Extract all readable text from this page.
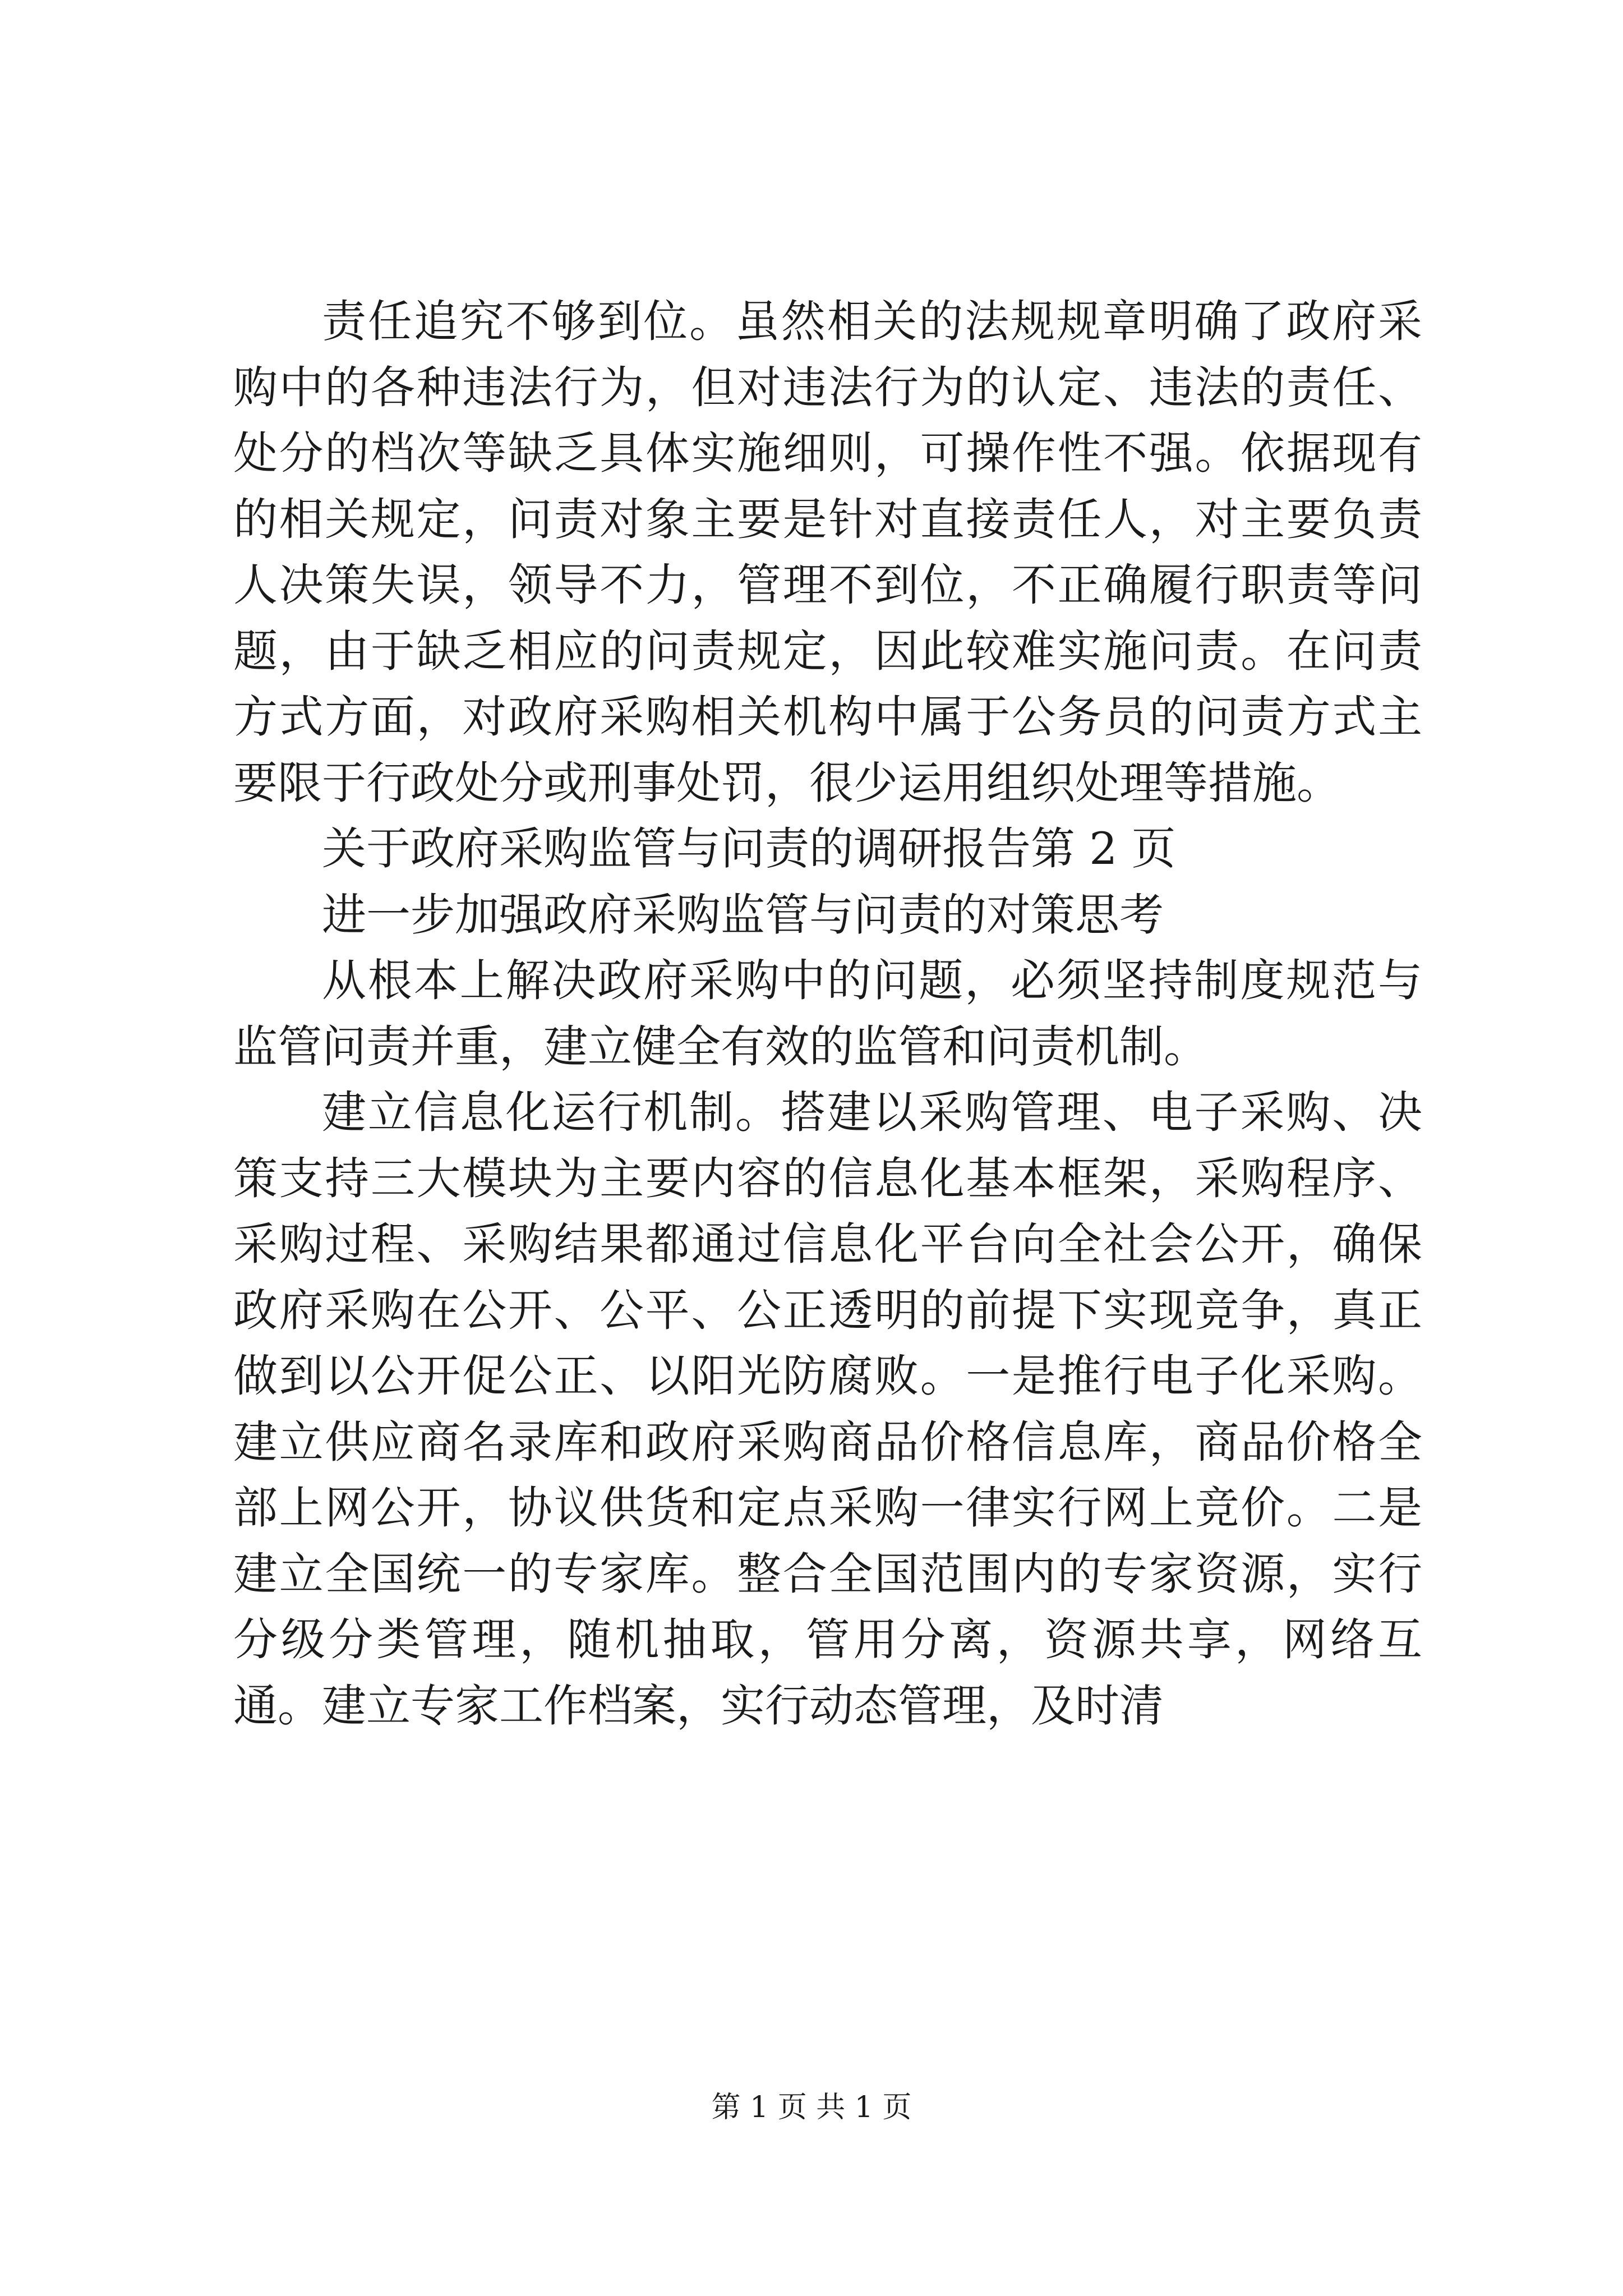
责任追究不够到位。虽然相关的法规规章明确了政府采购中的各种违法行为，但对违法行为的认定、违法的责任、处分的档次等缺乏具体实施细则，可操作性不强。依据现有的相关规定，问责对象主要是针对直接责任人，对主要负责人决策失误，领导不力，管理不到位，不正确履行职责等问题，由于缺乏相应的问责规定，因此较难实施问责。在问责方式方面，对政府采购相关机构中属于公务员的问责方式主要限于行政处分或刑事处罚，很少运用组织处理等措施。

关于政府采购监管与问责的调研报告第 2 页

进一步加强政府采购监管与问责的对策思考

从根本上解决政府采购中的问题，必须坚持制度规范与监管问责并重，建立健全有效的监管和问责机制。

建立信息化运行机制。搭建以采购管理、电子采购、决策支持三大模块为主要内容的信息化基本框架，采购程序、采购过程、采购结果都通过信息化平台向全社会公开，确保政府采购在公开、公平、公正透明的前提下实现竞争，真正做到以公开促公正、以阳光防腐败。一是推行电子化采购。建立供应商名录库和政府采购商品价格信息库，商品价格全部上网公开，协议供货和定点采购一律实行网上竞价。二是建立全国统一的专家库。整合全国范围内的专家资源，实行分级分类管理，随机抽取，管用分离，资源共享，网络互通。建立专家工作档案，实行动态管理，及时清

第 1 页 共 1 页
